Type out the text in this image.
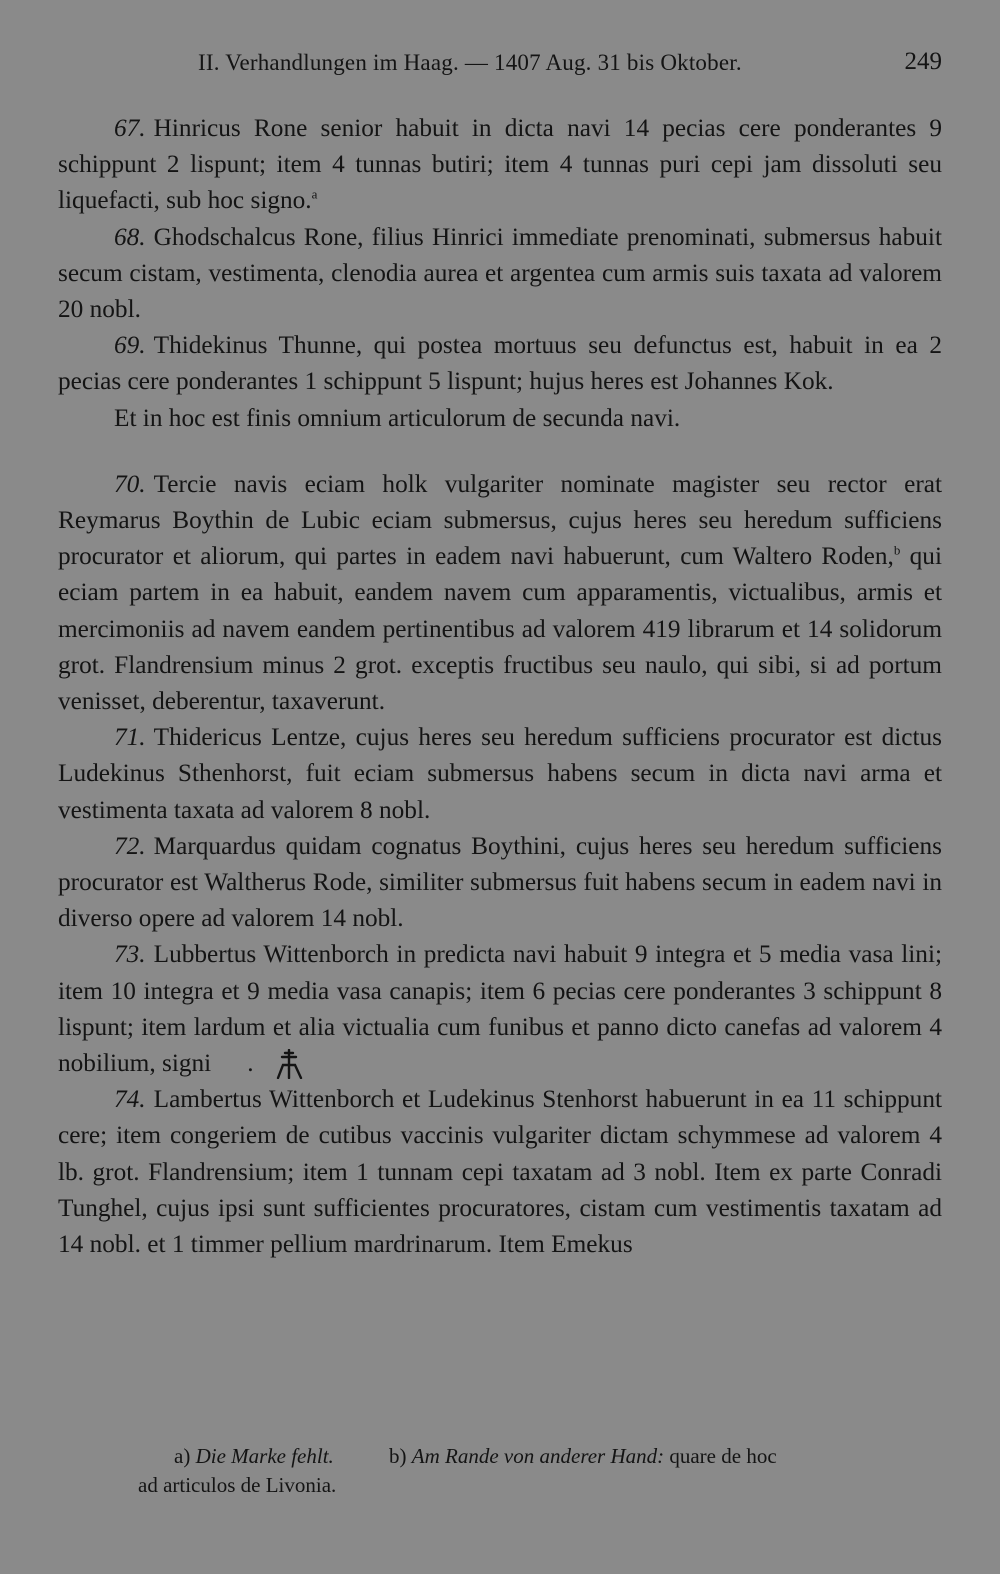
II. Verhandlungen im Haag. — 1407 Aug. 31 bis Oktober.	249

67. Hinricus Rone senior habuit in dicta navi 14 pecias cere ponderantes 9 schippunt 2 lispunt; item 4 tunnas butiri; item 4 tunnas puri cepi jam dissoluti seu liquefacti, sub hoc signo.$^a$

68. Ghodschalcus Rone, filius Hinrici immediate prenominati, submersus habuit secum cistam, vestimenta, clenodia aurea et argentea cum armis suis taxata ad valorem 20 nobl.

69. Thidekinus Thunne, qui postea mortuus seu defunctus est, habuit in ea 2 pecias cere ponderantes 1 schippunt 5 lispunt; hujus heres est Johannes Kok.

Et in hoc est finis omnium articulorum de secunda navi.

70. Tercie navis eciam holk vulgariter nominate magister seu rector erat Reymarus Boythin de Lubic eciam submersus, cujus heres seu heredum sufficiens procurator et aliorum, qui partes in eadem navi habuerunt, cum Waltero Roden,$^b$ qui eciam partem in ea habuit, eandem navem cum apparamentis, victualibus, armis et mercimoniis ad navem eandem pertinentibus ad valorem 419 librarum et 14 solidorum grot. Flandrensium minus 2 grot. exceptis fructibus seu naulo, qui sibi, si ad portum venisset, deberentur, taxaverunt.

71. Thidericus Lentze, cujus heres seu heredum sufficiens procurator est dictus Ludekinus Sthenhorst, fuit eciam submersus habens secum in dicta navi arma et vestimenta taxata ad valorem 8 nobl.

72. Marquardus quidam cognatus Boythini, cujus heres seu heredum sufficiens procurator est Waltherus Rode, similiter submersus fuit habens secum in eadem navi in diverso opere ad valorem 14 nobl.

73. Lubbertus Wittenborch in predicta navi habuit 9 integra et 5 media vasa lini; item 10 integra et 9 media vasa canapis; item 6 pecias cere ponderantes 3 schippunt 8 lispunt; item lardum et alia victualia cum funibus et panno dicto canefas ad valorem 4 nobilium, signi .

74. Lambertus Wittenborch et Ludekinus Stenhorst habuerunt in ea 11 schippunt cere; item congeriem de cutibus vaccinis vulgariter dictam schymmese ad valorem 4 lb. grot. Flandrensium; item 1 tunnam cepi taxatam ad 3 nobl. Item ex parte Conradi Tunghel, cujus ipsi sunt sufficientes procuratores, cistam cum vestimentis taxatam ad 14 nobl. et 1 timmer pellium mardrinarum. Item Emekus

a) Die Marke fehlt.	b) Am Rande von anderer Hand: quare de hoc
ad articulos de Livonia.
